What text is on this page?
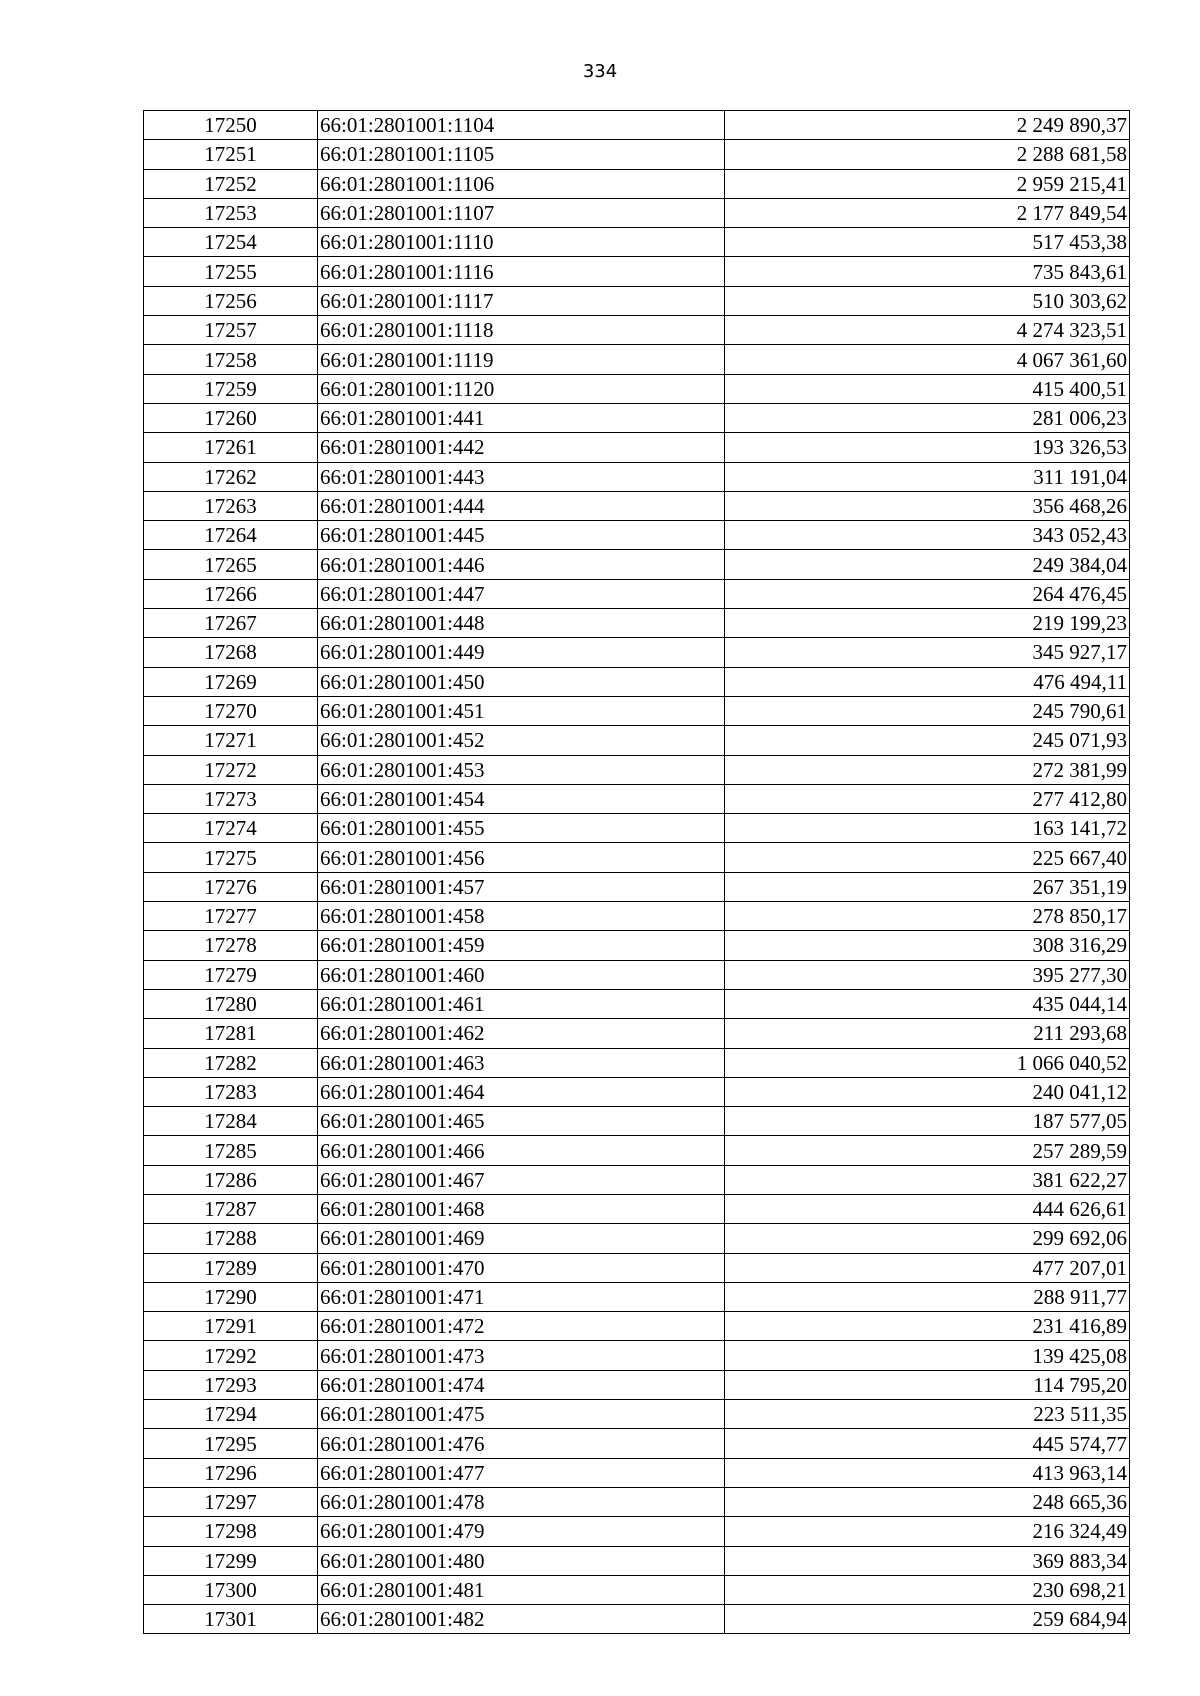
334
17250	66:01:2801001:1104	2 249 890,37
17251	66:01:2801001:1105	2 288 681,58
17252	66:01:2801001:1106	2 959 215,41
17253	66:01:2801001:1107	2 177 849,54
17254	66:01:2801001:1110	517 453,38
17255	66:01:2801001:1116	735 843,61
17256	66:01:2801001:1117	510 303,62
17257	66:01:2801001:1118	4 274 323,51
17258	66:01:2801001:1119	4 067 361,60
17259	66:01:2801001:1120	415 400,51
17260	66:01:2801001:441	281 006,23
17261	66:01:2801001:442	193 326,53
17262	66:01:2801001:443	311 191,04
17263	66:01:2801001:444	356 468,26
17264	66:01:2801001:445	343 052,43
17265	66:01:2801001:446	249 384,04
17266	66:01:2801001:447	264 476,45
17267	66:01:2801001:448	219 199,23
17268	66:01:2801001:449	345 927,17
17269	66:01:2801001:450	476 494,11
17270	66:01:2801001:451	245 790,61
17271	66:01:2801001:452	245 071,93
17272	66:01:2801001:453	272 381,99
17273	66:01:2801001:454	277 412,80
17274	66:01:2801001:455	163 141,72
17275	66:01:2801001:456	225 667,40
17276	66:01:2801001:457	267 351,19
17277	66:01:2801001:458	278 850,17
17278	66:01:2801001:459	308 316,29
17279	66:01:2801001:460	395 277,30
17280	66:01:2801001:461	435 044,14
17281	66:01:2801001:462	211 293,68
17282	66:01:2801001:463	1 066 040,52
17283	66:01:2801001:464	240 041,12
17284	66:01:2801001:465	187 577,05
17285	66:01:2801001:466	257 289,59
17286	66:01:2801001:467	381 622,27
17287	66:01:2801001:468	444 626,61
17288	66:01:2801001:469	299 692,06
17289	66:01:2801001:470	477 207,01
17290	66:01:2801001:471	288 911,77
17291	66:01:2801001:472	231 416,89
17292	66:01:2801001:473	139 425,08
17293	66:01:2801001:474	114 795,20
17294	66:01:2801001:475	223 511,35
17295	66:01:2801001:476	445 574,77
17296	66:01:2801001:477	413 963,14
17297	66:01:2801001:478	248 665,36
17298	66:01:2801001:479	216 324,49
17299	66:01:2801001:480	369 883,34
17300	66:01:2801001:481	230 698,21
17301	66:01:2801001:482	259 684,94
